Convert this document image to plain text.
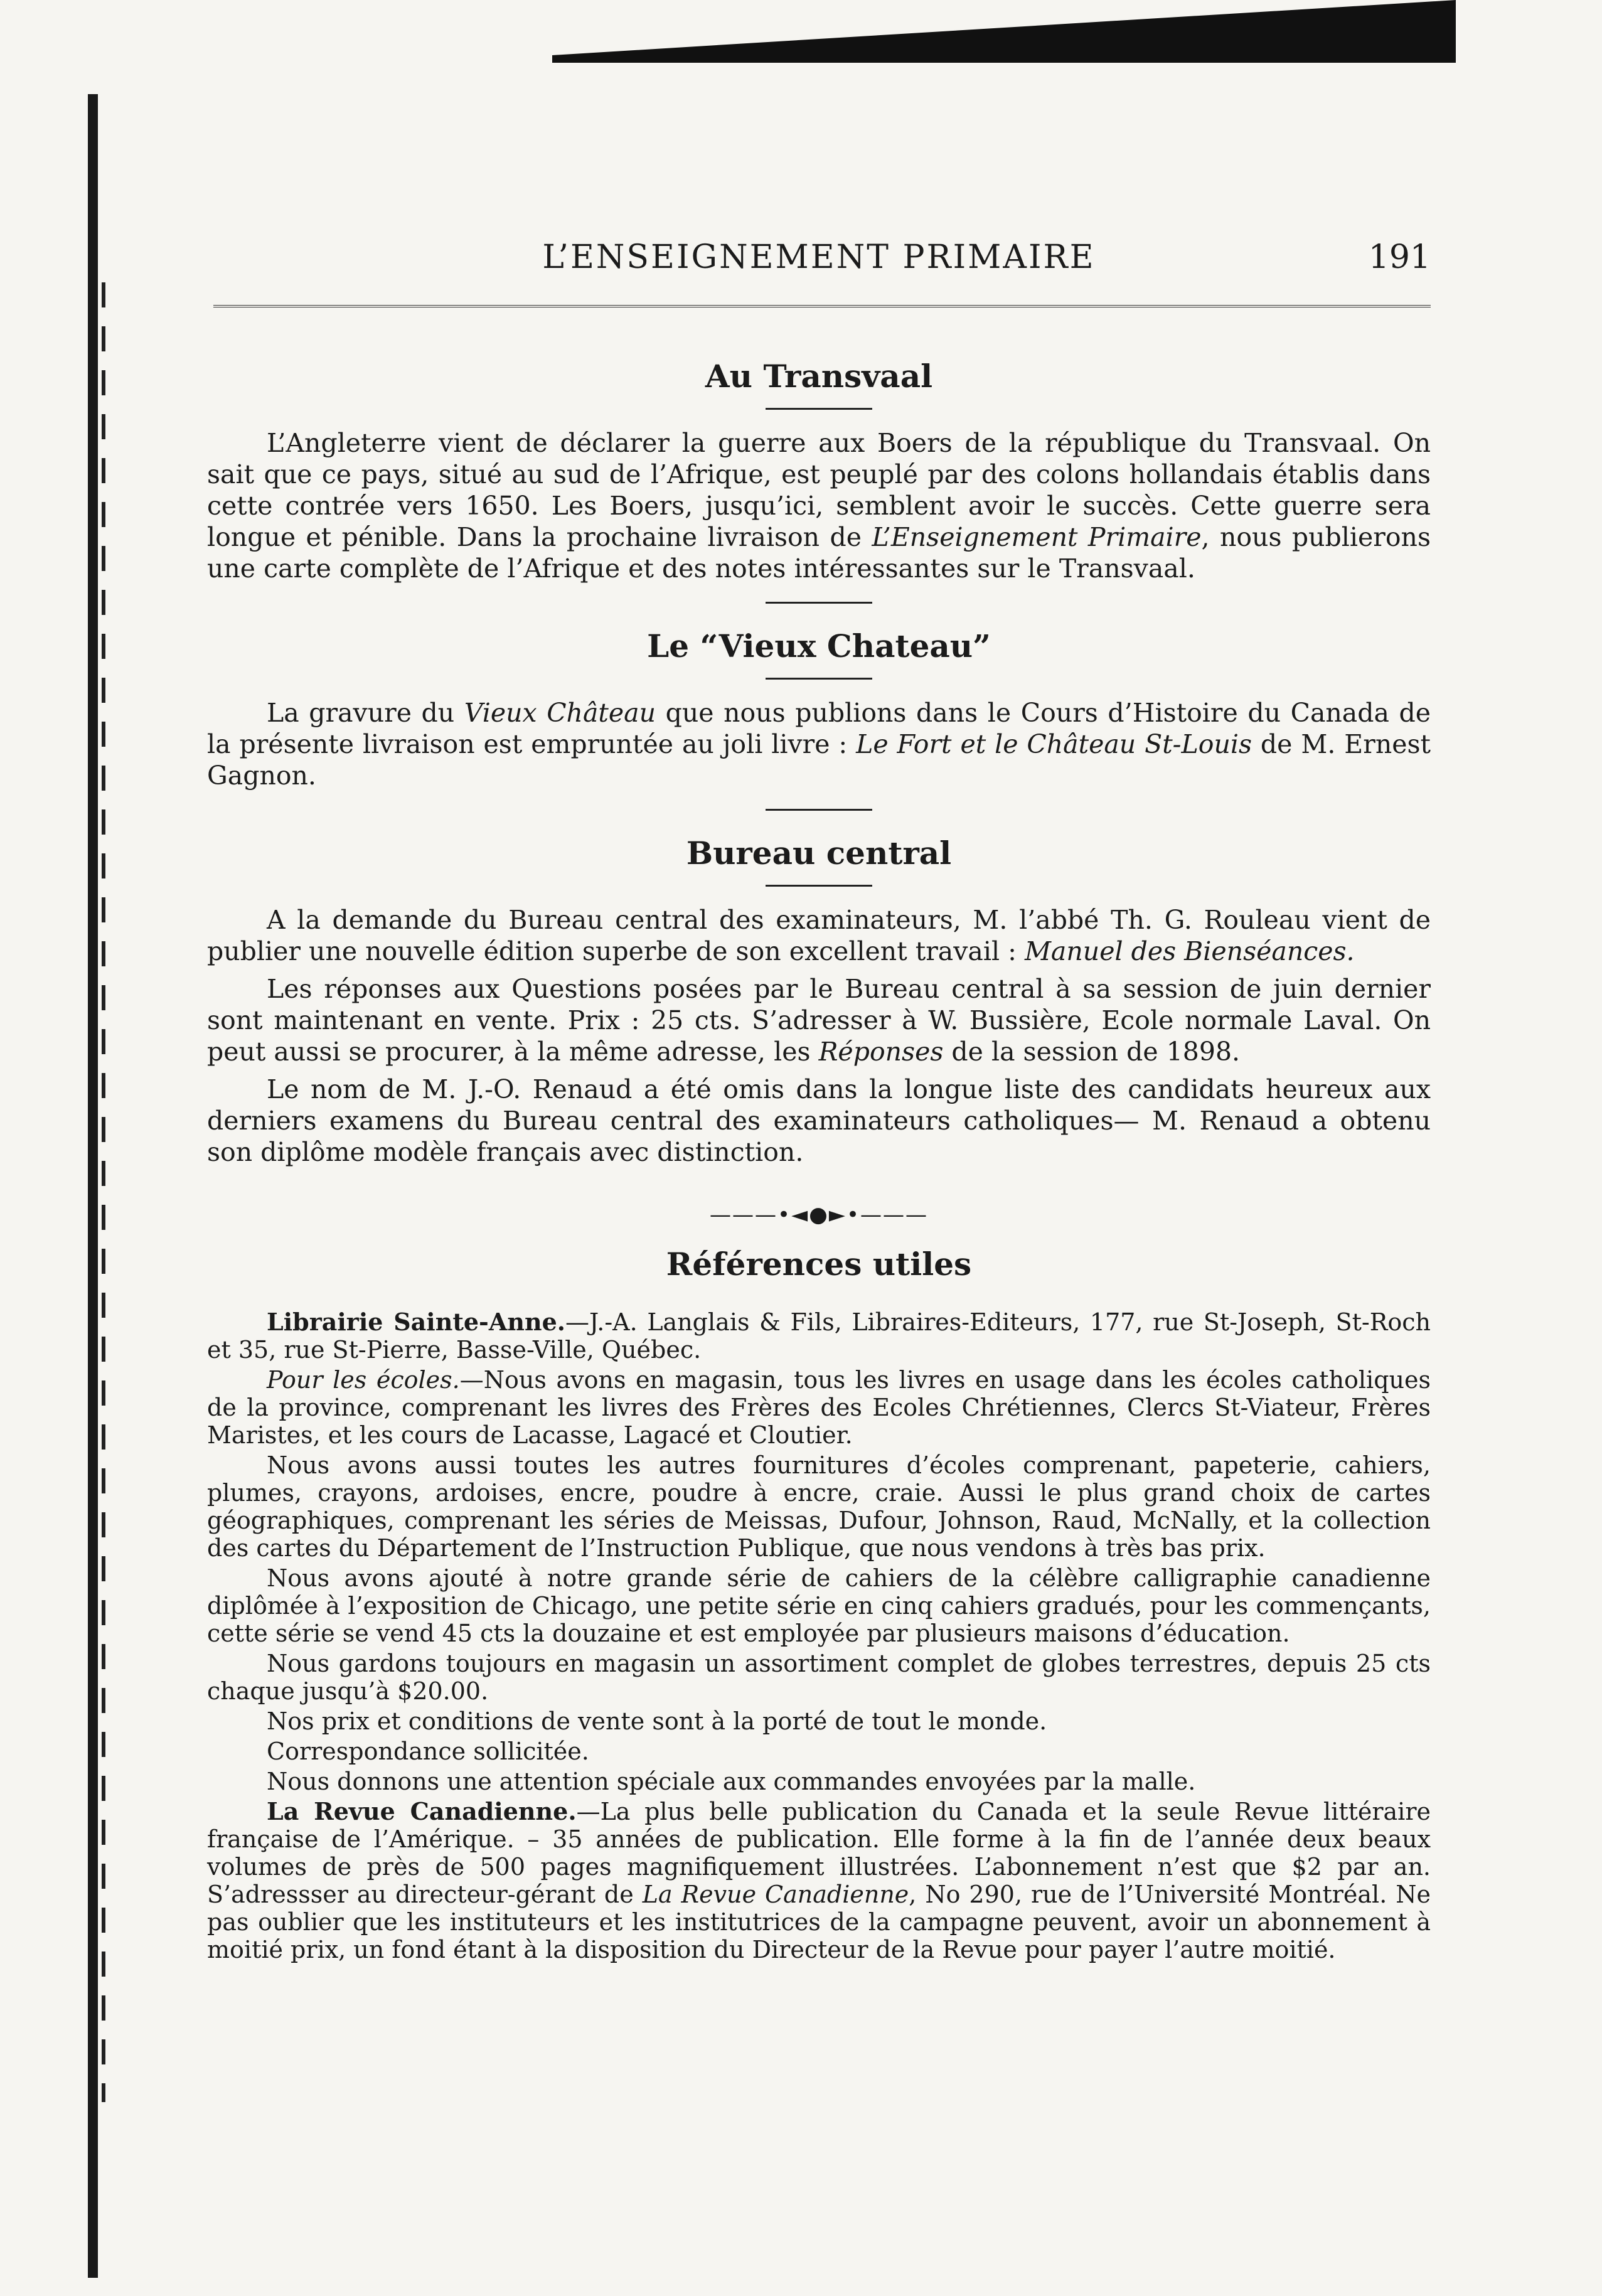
L’ENSEIGNEMENT PRIMAIRE	191
Au Transvaal

L’Angleterre vient de déclarer la guerre aux Boers de la république du Transvaal. On sait que ce pays, situé au sud de l’Afrique, est peuplé par des colons hollandais établis dans cette contrée vers 1650. Les Boers, jusqu’ici, semblent avoir le succès. Cette guerre sera longue et pénible. Dans la prochaine livraison de L’Enseignement Primaire, nous publierons une carte complète de l’Afrique et des notes intéressantes sur le Transvaal.

Le “Vieux Chateau”

La gravure du Vieux Château que nous publions dans le Cours d’Histoire du Canada de la présente livraison est empruntée au joli livre : Le Fort et le Château St-Louis de M. Ernest Gagnon.

Bureau central

A la demande du Bureau central des examinateurs, M. l’abbé Th. G. Rouleau vient de publier une nouvelle édition superbe de son excellent travail : Manuel des Bienséances.

Les réponses aux Questions posées par le Bureau central à sa session de juin dernier sont maintenant en vente. Prix : 25 cts. S’adresser à W. Bussière, Ecole normale Laval. On peut aussi se procurer, à la même adresse, les Réponses de la session de 1898.

Le nom de M. J.-O. Renaud a été omis dans la longue liste des candidats heureux aux derniers examens du Bureau central des examinateurs catholiques— M. Renaud a obtenu son diplôme modèle français avec distinction.

———•◄●►•———
Références utiles

Librairie Sainte-Anne.—J.-A. Langlais & Fils, Libraires-Editeurs, 177, rue St-Joseph, St-Roch et 35, rue St-Pierre, Basse-Ville, Québec.

Pour les écoles.—Nous avons en magasin, tous les livres en usage dans les écoles catholiques de la province, comprenant les livres des Frères des Ecoles Chrétiennes, Clercs St-Viateur, Frères Maristes, et les cours de Lacasse, Lagacé et Cloutier.

Nous avons aussi toutes les autres fournitures d’écoles comprenant, papeterie, cahiers, plumes, crayons, ardoises, encre, poudre à encre, craie. Aussi le plus grand choix de cartes géographiques, comprenant les séries de Meissas, Dufour, Johnson, Raud, McNally, et la collection des cartes du Département de l’Instruction Publique, que nous vendons à très bas prix.

Nous avons ajouté à notre grande série de cahiers de la célèbre calligraphie canadienne diplômée à l’exposition de Chicago, une petite série en cinq cahiers gradués, pour les commençants, cette série se vend 45 cts la douzaine et est employée par plusieurs maisons d’éducation.

Nous gardons toujours en magasin un assortiment complet de globes terrestres, depuis 25 cts chaque jusqu’à $20.00.

Nos prix et conditions de vente sont à la porté de tout le monde.

Correspondance sollicitée.

Nous donnons une attention spéciale aux commandes envoyées par la malle.

La Revue Canadienne.—La plus belle publication du Canada et la seule Revue littéraire française de l’Amérique. – 35 années de publication. Elle forme à la fin de l’année deux beaux volumes de près de 500 pages magnifiquement illustrées. L’abonnement n’est que $2 par an. S’adressser au directeur-gérant de La Revue Canadienne, No 290, rue de l’Université Montréal. Ne pas oublier que les instituteurs et les institutrices de la campagne peuvent, avoir un abonnement à moitié prix, un fond étant à la disposition du Directeur de la Revue pour payer l’autre moitié.
